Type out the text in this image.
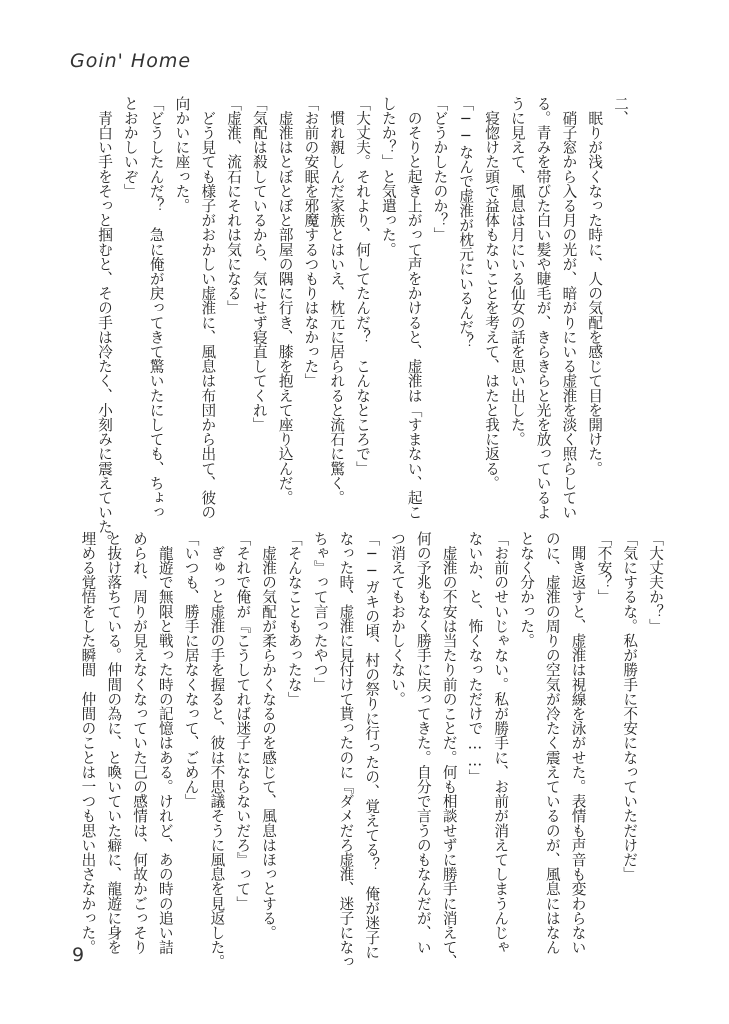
Goin' Home

二、

　眠りが浅くなった時に、人の気配を感じて目を開けた。

　硝子窓から入る月の光が、暗がりにいる虚淮を淡く照らしてい

る。青みを帯びた白い髪や睫毛が、きらきらと光を放っているよ

うに見えて、風息は月にいる仙女の話を思い出した。

　寝惚けた頭で益体もないことを考えて、はたと我に返る。

「──なんで虚淮が枕元にいるんだ？

「どうかしたのか？」

　のそりと起き上がって声をかけると、虚淮は「すまない、起こ

したか？」と気遣った。

「大丈夫。それより、何してたんだ？　こんなところで」

　慣れ親しんだ家族とはいえ、枕元に居られると流石に驚く。

「お前の安眠を邪魔するつもりはなかった」

　虚淮はとぼとぼと部屋の隅に行き、膝を抱えて座り込んだ。

「気配は殺しているから、気にせず寝直してくれ」

「虚淮、流石にそれは気になる」

　どう見ても様子がおかしい虚淮に、風息は布団から出て、彼の

向かいに座った。

「どうしたんだ？　急に俺が戻ってきて驚いたにしても、ちょっ

とおかしいぞ」

　青白い手をそっと掴むと、その手は冷たく、小刻みに震えていた。

「大丈夫か？」

「気にするな。私が勝手に不安になっていただけだ」

「不安？」

　聞き返すと、虚淮は視線を泳がせた。表情も声音も変わらない

のに、虚淮の周りの空気が冷たく震えているのが、風息にはなん

となく分かった。

「お前のせいじゃない。私が勝手に、お前が消えてしまうんじゃ

ないか、と、怖くなっただけで……」

　虚淮の不安は当たり前のことだ。何も相談せずに勝手に消えて、

何の予兆もなく勝手に戻ってきた。自分で言うのもなんだが、い

つ消えてもおかしくない。

「──ガキの頃、村の祭りに行ったの、覚えてる？　俺が迷子に

なった時、虚淮に見付けて貰ったのに『ダメだろ虚淮、迷子になっ

ちゃ』って言ったやつ」

「そんなこともあったな」

　虚淮の気配が柔らかくなるのを感じて、風息はほっとする。

「それで俺が『こうしてれば迷子にならないだろ』って」

　ぎゅっと虚淮の手を握ると、彼は不思議そうに風息を見返した。

「いつも、勝手に居なくなって、ごめん」

　龍遊で無限と戦った時の記憶はある。けれど、あの時の追い詰

められ、周りが見えなくなっていた己の感情は、何故かごっそり

と抜け落ちている。仲間の為に、と喚いていた癖に、龍遊に身を

埋める覚悟をした瞬間　仲間のことは一つも思い出さなかった。

9
